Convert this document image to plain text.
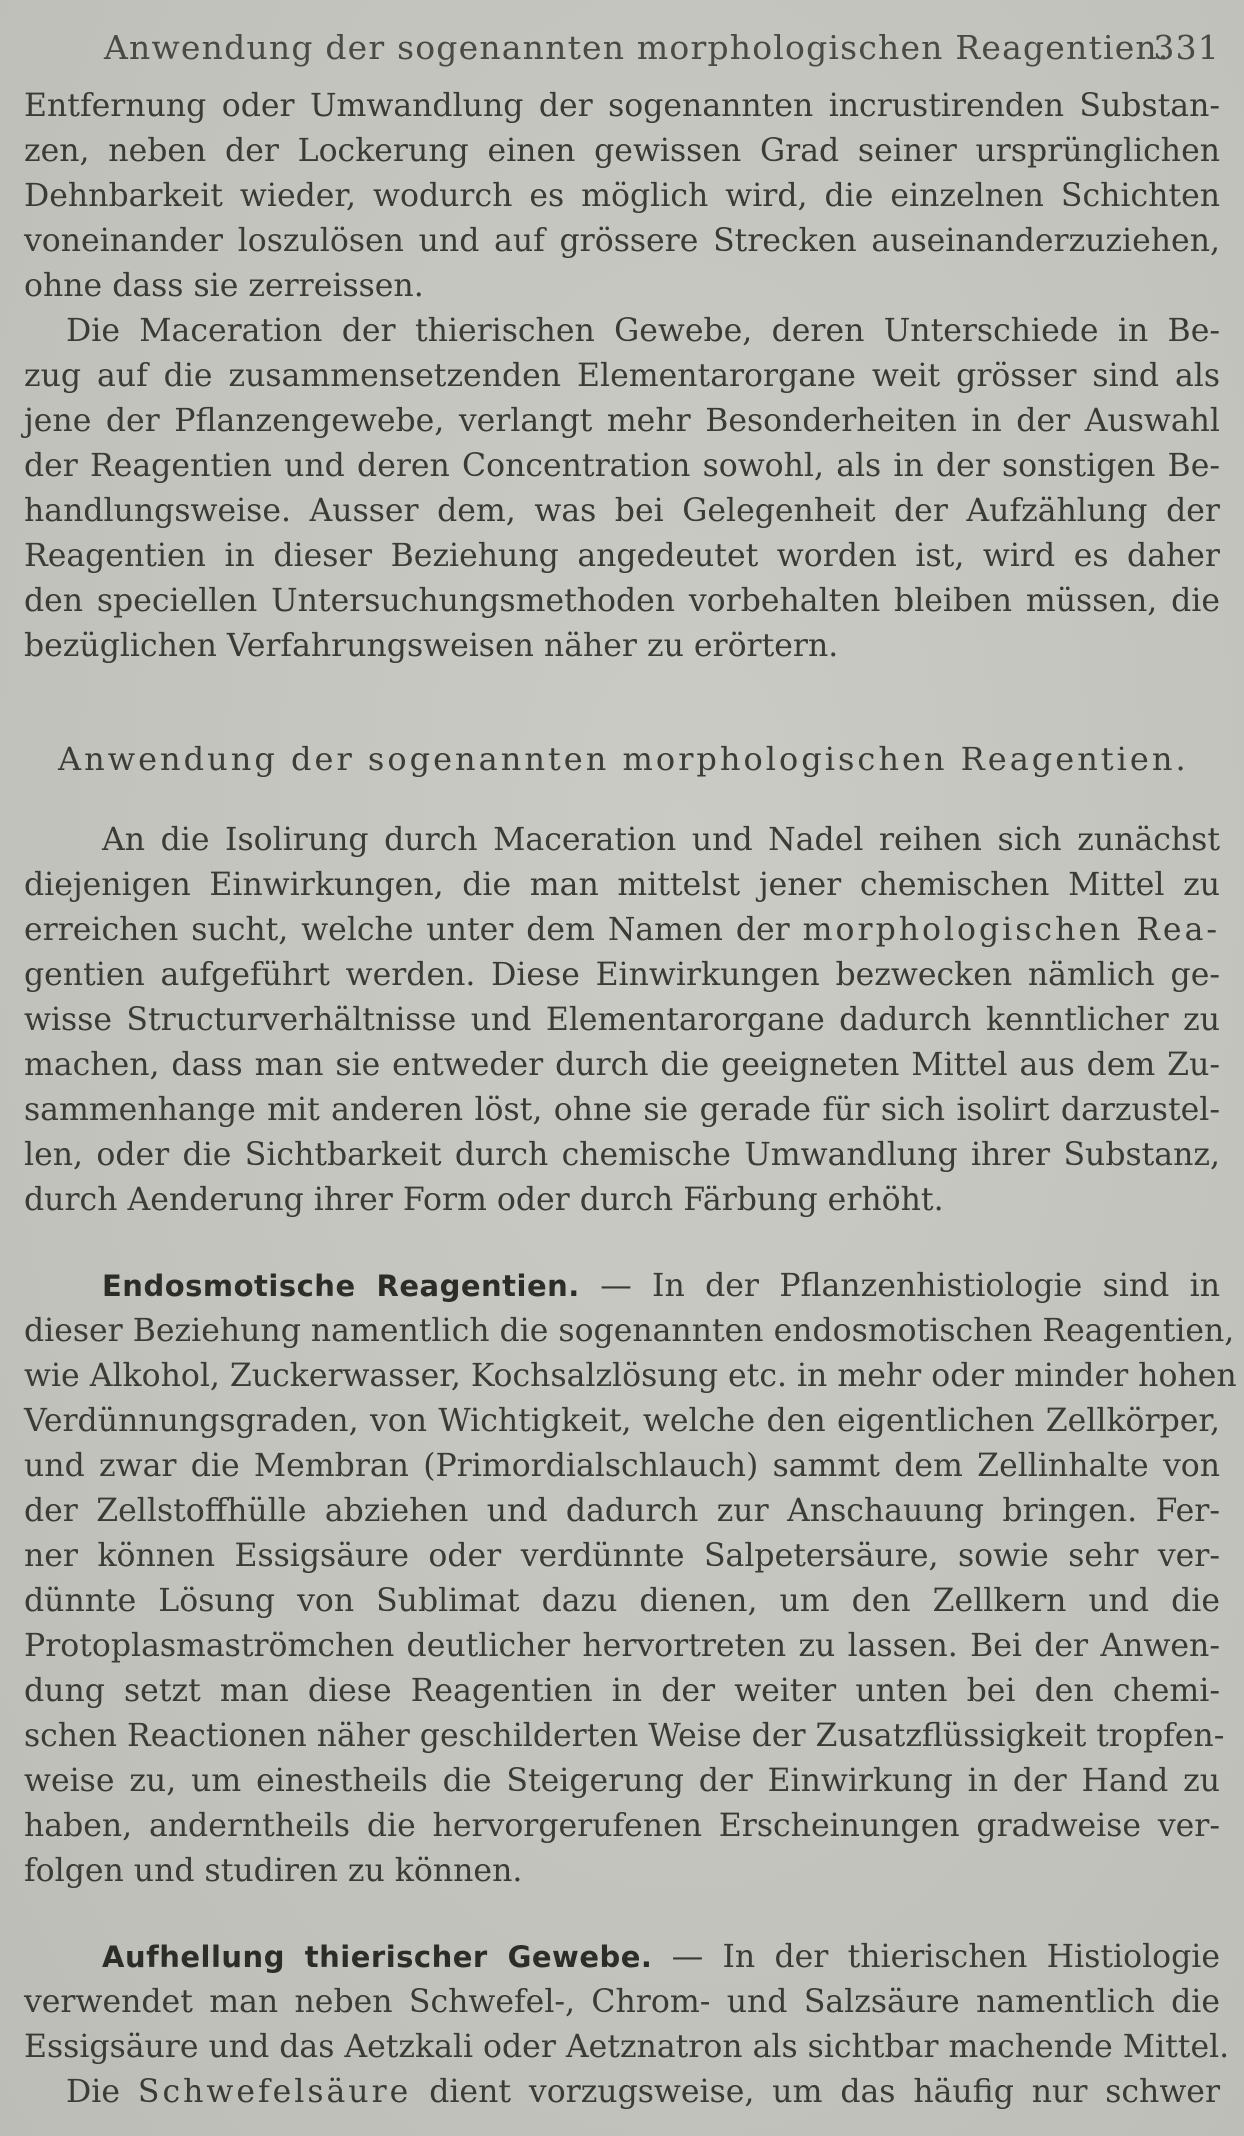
Anwendung der sogenannten morphologischen Reagentien.
331
Entfernung oder Umwandlung der sogenannten incrustirenden Substan-
zen, neben der Lockerung einen gewissen Grad seiner ursprünglichen
Dehnbarkeit wieder, wodurch es möglich wird, die einzelnen Schichten
voneinander loszulösen und auf grössere Strecken auseinanderzuziehen,
ohne dass sie zerreissen.
Die Maceration der thierischen Gewebe, deren Unterschiede in Be-
zug auf die zusammensetzenden Elementarorgane weit grösser sind als
jene der Pflanzengewebe, verlangt mehr Besonderheiten in der Auswahl
der Reagentien und deren Concentration sowohl, als in der sonstigen Be-
handlungsweise. Ausser dem, was bei Gelegenheit der Aufzählung der
Reagentien in dieser Beziehung angedeutet worden ist, wird es daher
den speciellen Untersuchungsmethoden vorbehalten bleiben müssen, die
bezüglichen Verfahrungsweisen näher zu erörtern.
Anwendung der sogenannten morphologischen Reagentien.
An die Isolirung durch Maceration und Nadel reihen sich zunächst
diejenigen Einwirkungen, die man mittelst jener chemischen Mittel zu
erreichen sucht, welche unter dem Namen der morphologischen Rea-
gentien aufgeführt werden. Diese Einwirkungen bezwecken nämlich ge-
wisse Structurverhältnisse und Elementarorgane dadurch kenntlicher zu
machen, dass man sie entweder durch die geeigneten Mittel aus dem Zu-
sammenhange mit anderen löst, ohne sie gerade für sich isolirt darzustel-
len, oder die Sichtbarkeit durch chemische Umwandlung ihrer Substanz,
durch Aenderung ihrer Form oder durch Färbung erhöht.
Endosmotische Reagentien. — In der Pflanzenhistiologie sind in
dieser Beziehung namentlich die sogenannten endosmotischen Reagentien,
wie Alkohol, Zuckerwasser, Kochsalzlösung etc. in mehr oder minder hohen
Verdünnungsgraden, von Wichtigkeit, welche den eigentlichen Zellkörper,
und zwar die Membran (Primordialschlauch) sammt dem Zellinhalte von
der Zellstoffhülle abziehen und dadurch zur Anschauung bringen. Fer-
ner können Essigsäure oder verdünnte Salpetersäure, sowie sehr ver-
dünnte Lösung von Sublimat dazu dienen, um den Zellkern und die
Protoplasmaströmchen deutlicher hervortreten zu lassen. Bei der Anwen-
dung setzt man diese Reagentien in der weiter unten bei den chemi-
schen Reactionen näher geschilderten Weise der Zusatzflüssigkeit tropfen-
weise zu, um einestheils die Steigerung der Einwirkung in der Hand zu
haben, anderntheils die hervorgerufenen Erscheinungen gradweise ver-
folgen und studiren zu können.
Aufhellung thierischer Gewebe. — In der thierischen Histiologie
verwendet man neben Schwefel-, Chrom- und Salzsäure namentlich die
Essigsäure und das Aetzkali oder Aetznatron als sichtbar machende Mittel.
Die Schwefelsäure dient vorzugsweise, um das häufig nur schwer
